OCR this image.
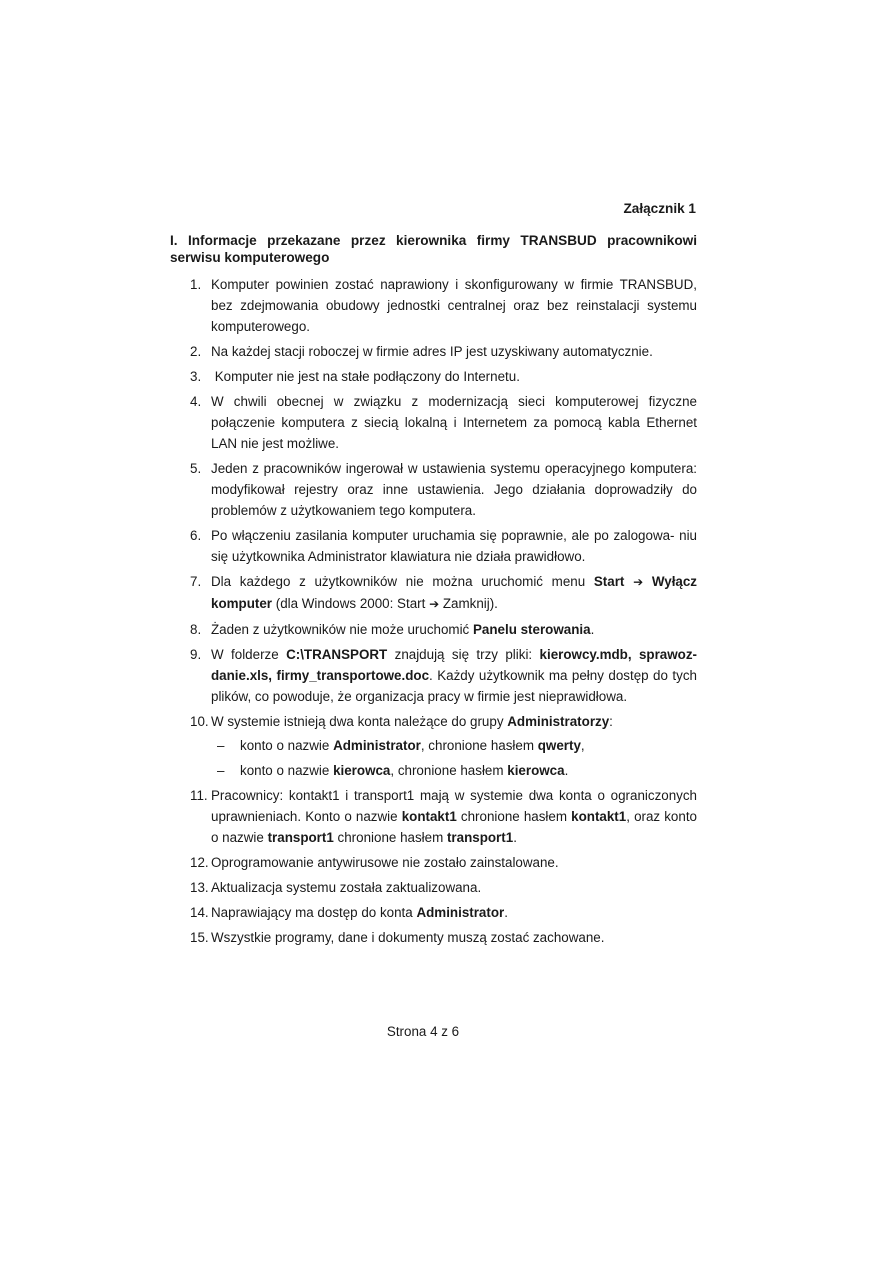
Załącznik 1
I. Informacje przekazane przez kierownika firmy TRANSBUD pracownikowi serwisu komputerowego
1. Komputer powinien zostać naprawiony i skonfigurowany w firmie TRANSBUD, bez zdejmowania obudowy jednostki centralnej oraz bez reinstalacji systemu komputerowego.
2. Na każdej stacji roboczej w firmie adres IP jest uzyskiwany automatycznie.
3. Komputer nie jest na stałe podłączony do Internetu.
4. W chwili obecnej w związku z modernizacją sieci komputerowej fizyczne połączenie komputera z siecią lokalną i Internetem za pomocą kabla Ethernet LAN nie jest możliwe.
5. Jeden z pracowników ingerował w ustawienia systemu operacyjnego komputera: modyfikował rejestry oraz inne ustawienia. Jego działania doprowadziły do problemów z użytkowaniem tego komputera.
6. Po włączeniu zasilania komputer uruchamia się poprawnie, ale po zalogowa- niu się użytkownika Administrator klawiatura nie działa prawidłowo.
7. Dla każdego z użytkowników nie można uruchomić menu Start ➔ Wyłącz komputer (dla Windows 2000: Start ➔ Zamknij).
8. Żaden z użytkowników nie może uruchomić Panelu sterowania.
9. W folderze C:\TRANSPORT znajdują się trzy pliki: kierowcy.mdb, sprawoz- danie.xls, firmy_transportowe.doc. Każdy użytkownik ma pełny dostęp do tych plików, co powoduje, że organizacja pracy w firmie jest nieprawidłowa.
10. W systemie istnieją dwa konta należące do grupy Administratorzy:
– konto o nazwie Administrator, chronione hasłem qwerty,
– konto o nazwie kierowca, chronione hasłem kierowca.
11. Pracownicy: kontakt1 i transport1 mają w systemie dwa konta o ograniczonych uprawnieniach. Konto o nazwie kontakt1 chronione hasłem kontakt1, oraz konto o nazwie transport1 chronione hasłem transport1.
12. Oprogramowanie antywirusowe nie zostało zainstalowane.
13. Aktualizacja systemu została zaktualizowana.
14. Naprawiający ma dostęp do konta Administrator.
15. Wszystkie programy, dane i dokumenty muszą zostać zachowane.
Strona 4 z 6
